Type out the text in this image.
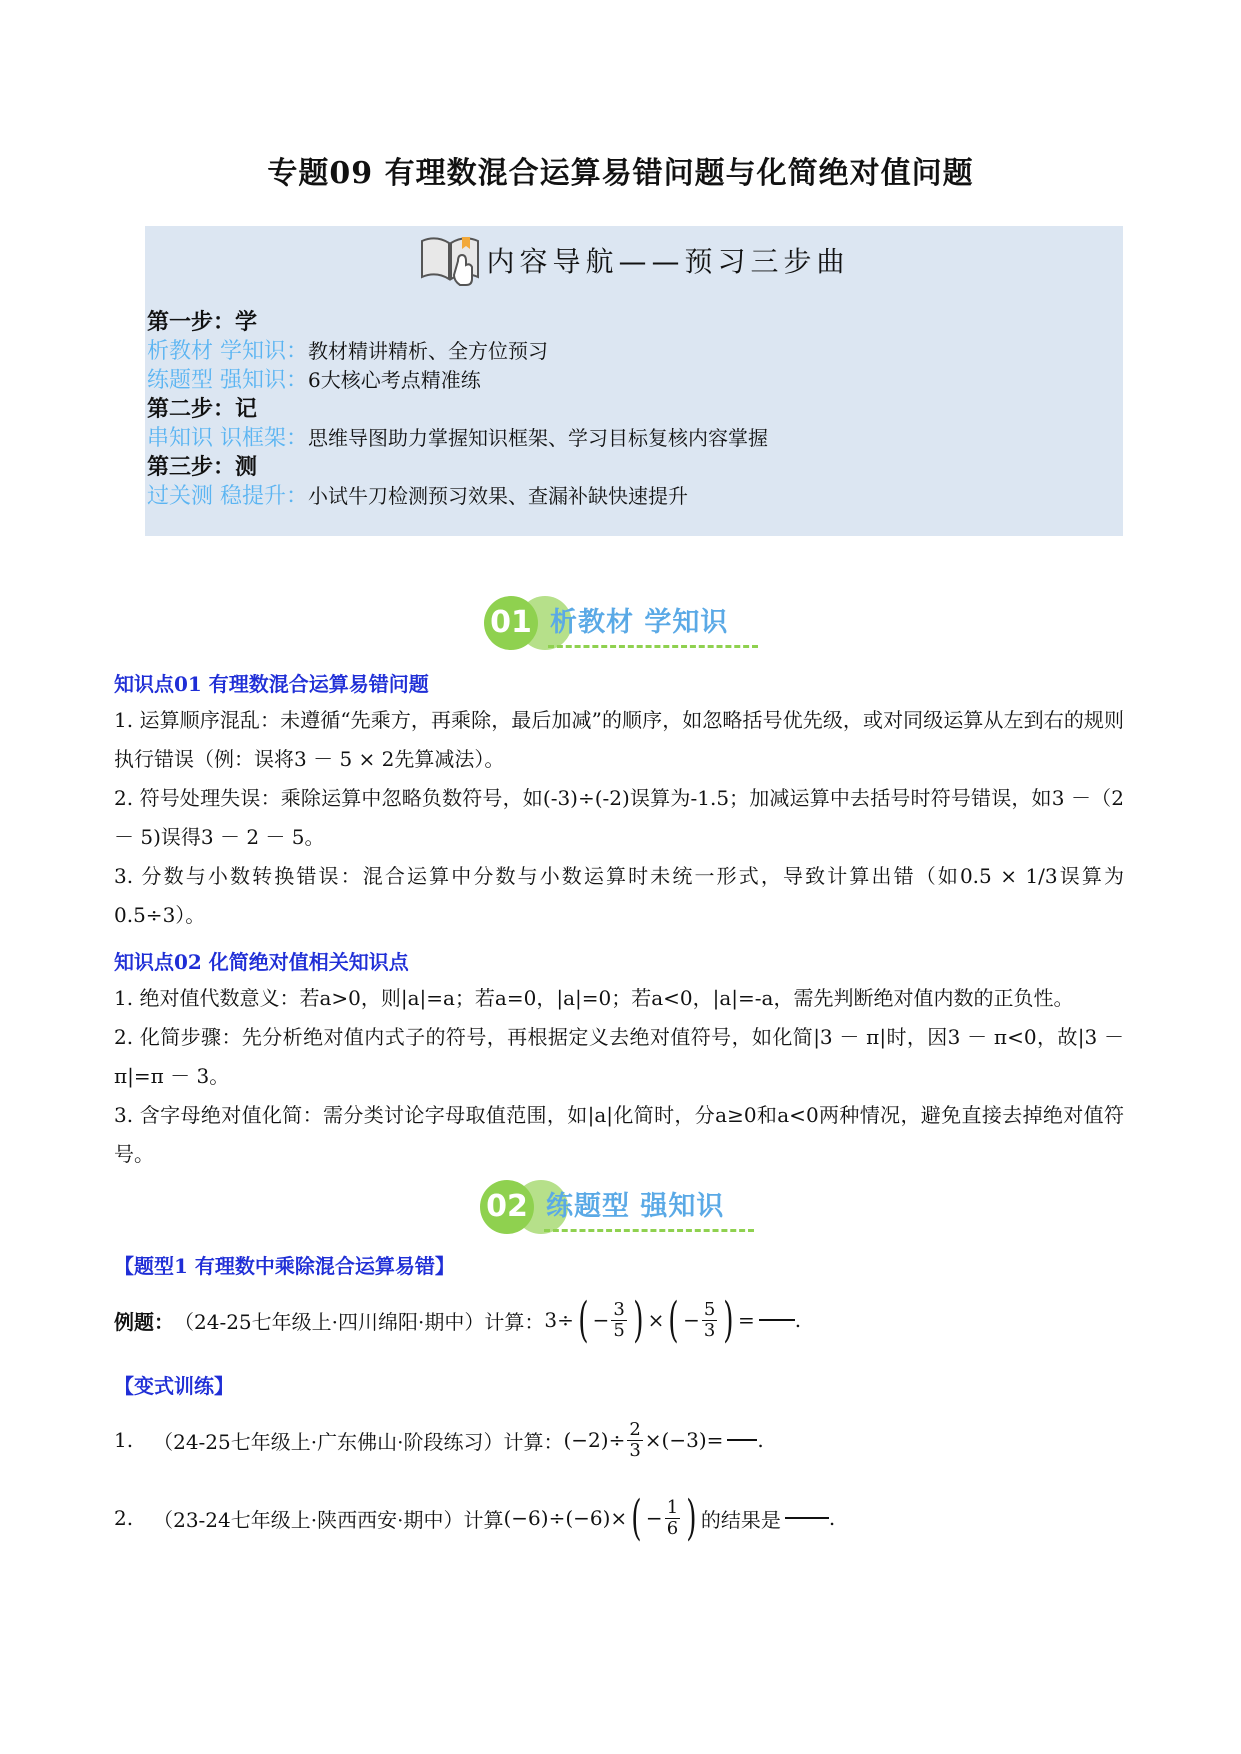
专题09 有理数混合运算易错问题与化简绝对值问题
内容导航——预习三步曲
第一步：学
析教材 学知识：教材精讲精析、全方位预习
练题型 强知识：6大核心考点精准练
第二步：记
串知识 识框架：思维导图助力掌握知识框架、学习目标复核内容掌握
第三步：测
过关测 稳提升：小试牛刀检测预习效果、查漏补缺快速提升
01 析教材 学知识
知识点01 有理数混合运算易错问题
1. 运算顺序混乱：未遵循“先乘方，再乘除，最后加减”的顺序，如忽略括号优先级，或对同级运算从左到右的规则执行错误（例：误将3 － 5 × 2先算减法）。
2. 符号处理失误：乘除运算中忽略负数符号，如(-3)÷(-2)误算为-1.5；加减运算中去括号时符号错误，如3 －（2 － 5)误得3 － 2 － 5。
3. 分数与小数转换错误：混合运算中分数与小数运算时未统一形式，导致计算出错（如0.5 × 1/3误算为0.5÷3）。
知识点02 化简绝对值相关知识点
1. 绝对值代数意义：若a>0，则|a|=a；若a=0，|a|=0；若a<0，|a|=-a，需先判断绝对值内数的正负性。
2. 化简步骤：先分析绝对值内式子的符号，再根据定义去绝对值符号，如化简|3 － π|时，因3 － π<0，故|3 － π|=π － 3。
3. 含字母绝对值化简：需分类讨论字母取值范围，如|a|化简时，分a≥0和a<0两种情况，避免直接去掉绝对值符号。
02 练题型 强知识
【题型1 有理数中乘除混合运算易错】
例题： （24-25七年级上·四川绵阳·期中）计算： 3 ÷ ( − $\frac{3}{5}$ ) × ( − $\frac{5}{3}$ ) = .
【变式训练】
1. （24-25七年级上·广东佛山·阶段练习）计算： $(-2) \div \frac{2}{3} \times (-3)$ = .
2. （23-24七年级上·陕西西安·期中）计算 (−6) ÷ (−6) × ( − $\frac{1}{6}$ ) 的结果是 .
